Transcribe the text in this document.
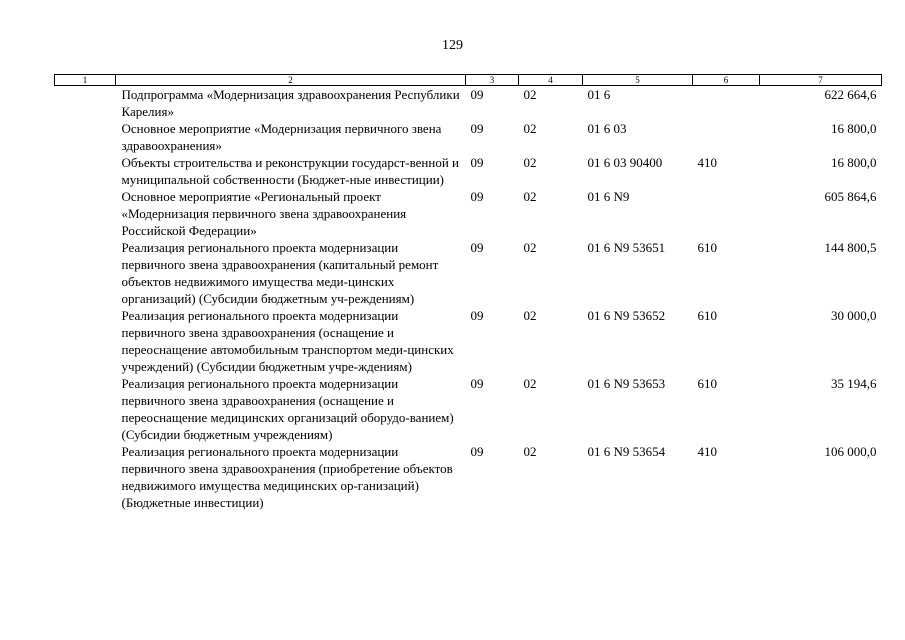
129
1	2	3	4	5	6	7
	Подпрограмма «Модернизация здравоохранения Республики Карелия»	09	02	01 6		622 664,6
	Основное мероприятие «Модернизация первичного звена здравоохранения»	09	02	01 6 03		16 800,0
	Объекты строительства и реконструкции государст-венной и муниципальной собственности (Бюджет-ные инвестиции)	09	02	01 6 03 90400	410	16 800,0
	Основное мероприятие «Региональный проект «Модернизация первичного звена здравоохранения Российской Федерации»	09	02	01 6 N9		605 864,6
	Реализация регионального проекта модернизации первичного звена здравоохранения (капитальный ремонт объектов недвижимого имущества меди-цинских организаций) (Субсидии бюджетным уч-реждениям)	09	02	01 6 N9 53651	610	144 800,5
	Реализация регионального проекта модернизации первичного звена здравоохранения (оснащение и переоснащение автомобильным транспортом меди-цинских учреждений) (Субсидии бюджетным учре-ждениям)	09	02	01 6 N9 53652	610	30 000,0
	Реализация регионального проекта модернизации первичного звена здравоохранения (оснащение и переоснащение медицинских организаций оборудо-ванием) (Субсидии бюджетным учреждениям)	09	02	01 6 N9 53653	610	35 194,6
	Реализация регионального проекта модернизации первичного звена здравоохранения (приобретение объектов недвижимого имущества медицинских ор-ганизаций) (Бюджетные инвестиции)	09	02	01 6 N9 53654	410	106 000,0
